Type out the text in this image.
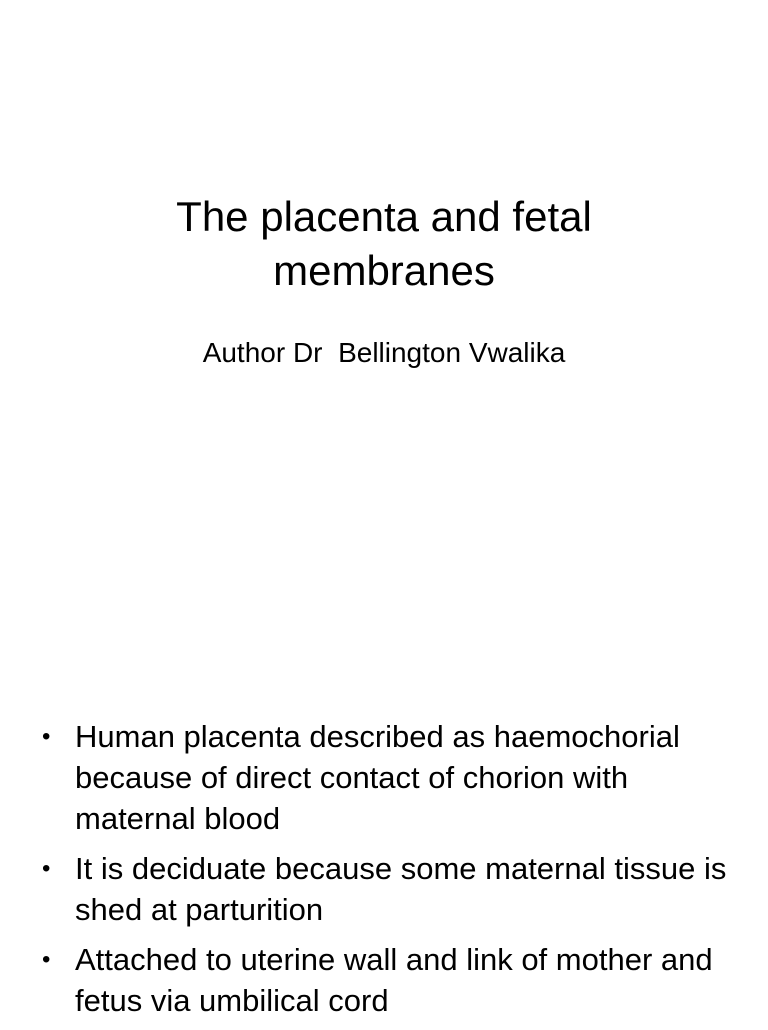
The placenta and fetal membranes

Author Dr  Bellington Vwalika

• Human placenta described as haemochorial because of direct contact of chorion with maternal blood
• It is deciduate because some maternal tissue is shed at parturition
• Attached to uterine wall and link of mother and fetus via umbilical cord
